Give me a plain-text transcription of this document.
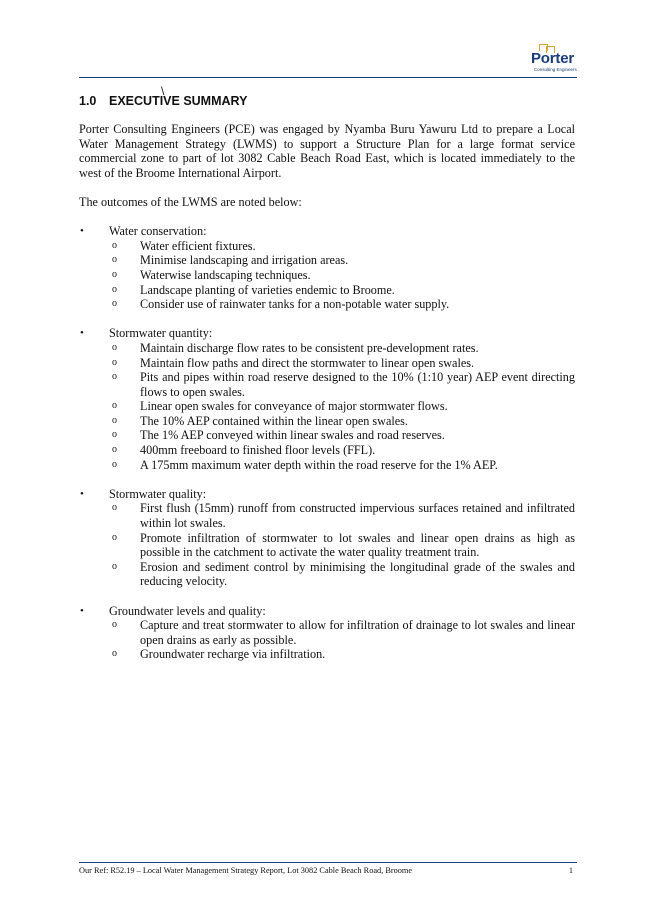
Porter
Consulting Engineers
\
1.0 EXECUTIVE SUMMARY

Porter Consulting Engineers (PCE) was engaged by Nyamba Buru Yawuru Ltd to prepare a Local Water Management Strategy (LWMS) to support a Structure Plan for a large format service commercial zone to part of lot 3082 Cable Beach Road East, which is located immediately to the west of the Broome International Airport.

The outcomes of the LWMS are noted below:

• Water conservation:
o Water efficient fixtures.
o Minimise landscaping and irrigation areas.
o Waterwise landscaping techniques.
o Landscape planting of varieties endemic to Broome.
o Consider use of rainwater tanks for a non-potable water supply.
• Stormwater quantity:
o Maintain discharge flow rates to be consistent pre-development rates.
o Maintain flow paths and direct the stormwater to linear open swales.
o Pits and pipes within road reserve designed to the 10% (1:10 year) AEP event directing flows to open swales.
o Linear open swales for conveyance of major stormwater flows.
o The 10% AEP contained within the linear open swales.
o The 1% AEP conveyed within linear swales and road reserves.
o 400mm freeboard to finished floor levels (FFL).
o A 175mm maximum water depth within the road reserve for the 1% AEP.
• Stormwater quality:
o First flush (15mm) runoff from constructed impervious surfaces retained and infiltrated within lot swales.
o Promote infiltration of stormwater to lot swales and linear open drains as high as possible in the catchment to activate the water quality treatment train.
o Erosion and sediment control by minimising the longitudinal grade of the swales and reducing velocity.
• Groundwater levels and quality:
o Capture and treat stormwater to allow for infiltration of drainage to lot swales and linear open drains as early as possible.
o Groundwater recharge via infiltration.
Our Ref: R52.19 – Local Water Management Strategy Report, Lot 3082 Cable Beach Road, Broome	1
